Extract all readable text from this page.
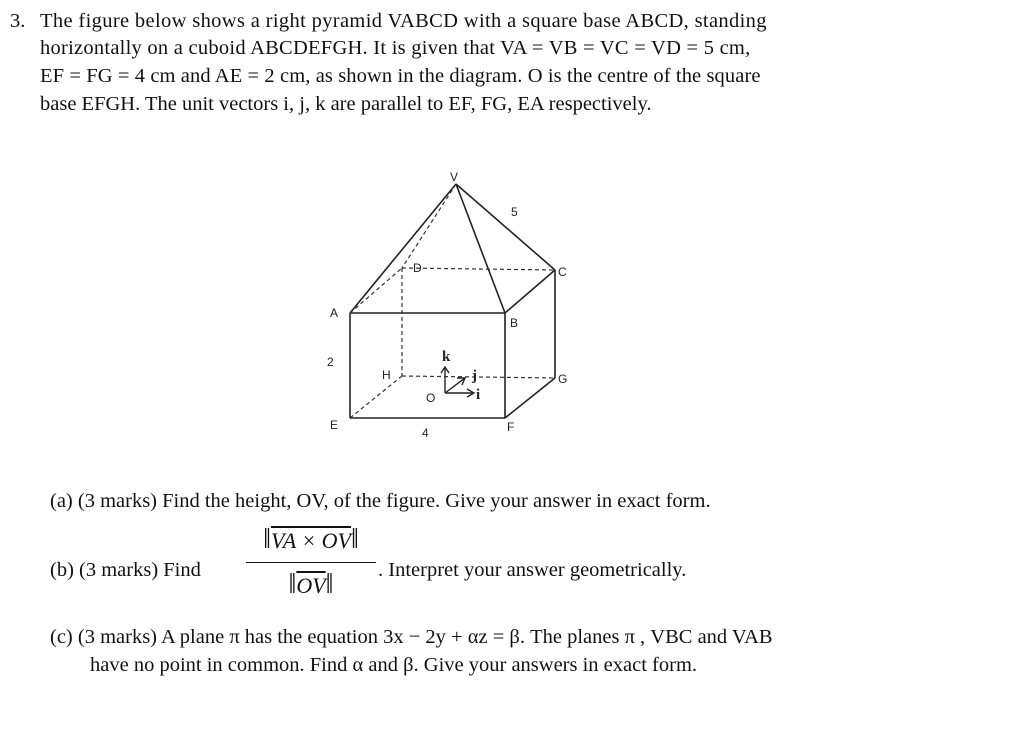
3. The figure below shows a right pyramid VABCD with a square base ABCD, standing
horizontally on a cuboid ABCDEFGH. It is given that VA = VB = VC = VD = 5 cm,
EF = FG = 4 cm and AE = 2 cm, as shown in the diagram. O is the centre of the square
base EFGH. The unit vectors i, j, k are parallel to EF, FG, EA respectively.
V
A
B
C
D
E	F
G
H
O	i
j
k
5
2
4
(a) (3 marks) Find the height, OV, of the figure. Give your answer in exact form.
(b) (3 marks) Find
‖VA × OV‖
$‖\overline{OV}‖$	. Interpret your answer geometrically.
(c) (3 marks) A plane π has the equation 3x − 2y + αz = β. The planes π , VBC and VAB
have no point in common. Find α and β. Give your answers in exact form.
